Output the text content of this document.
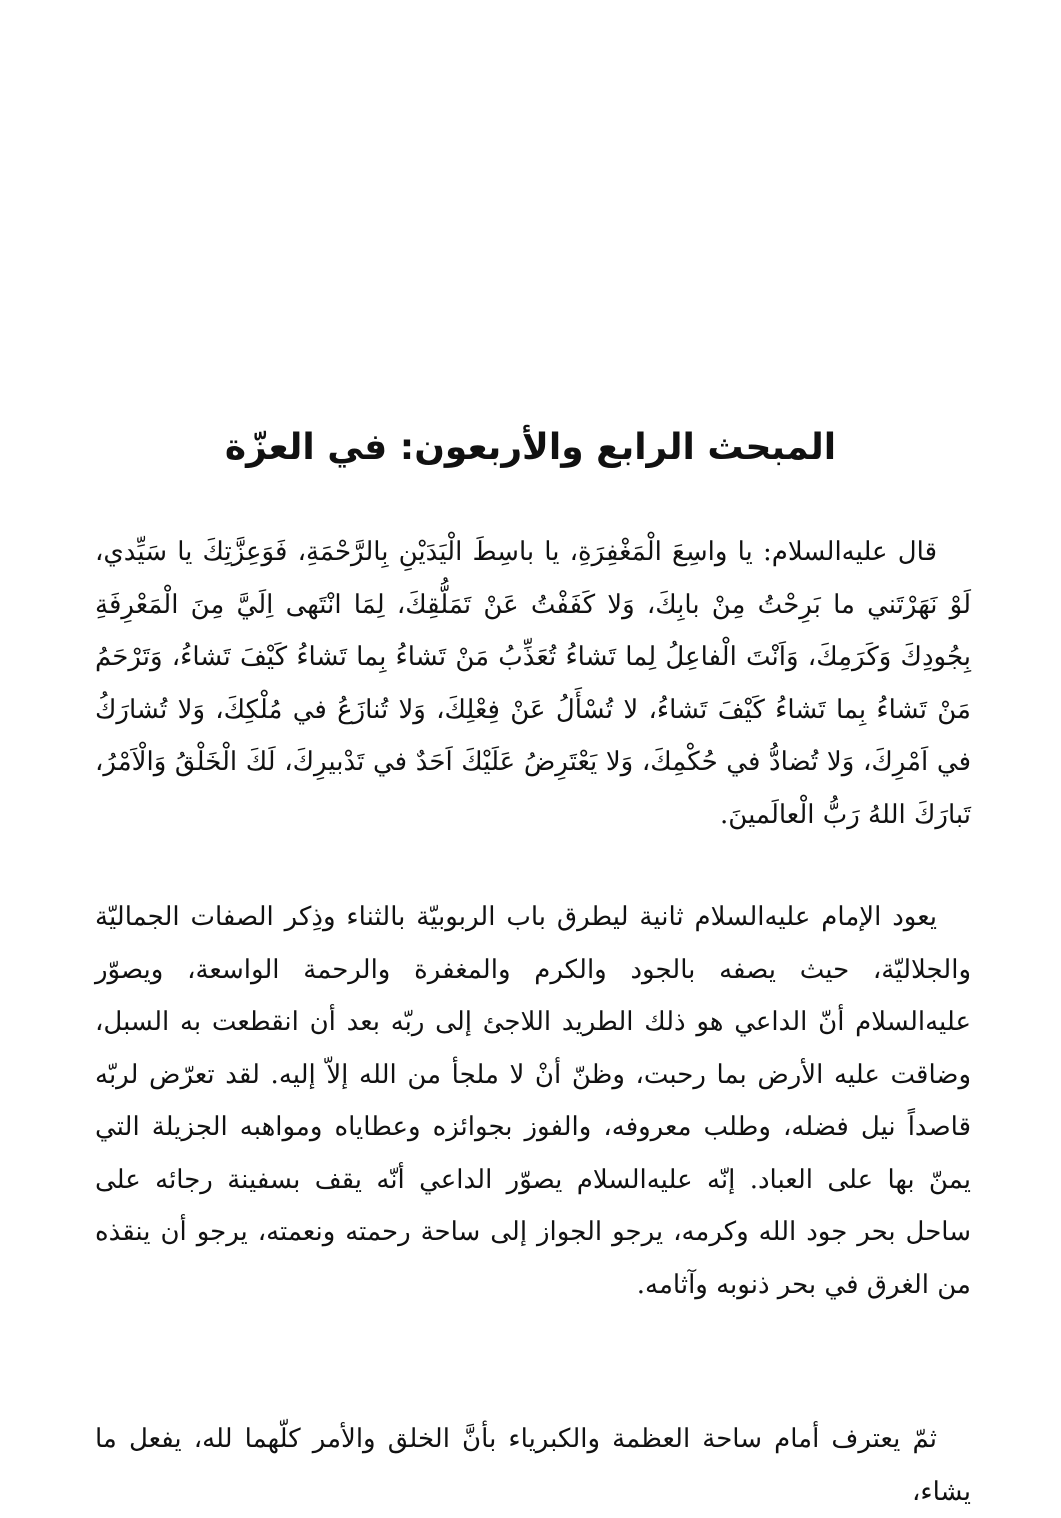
المبحث الرابع والأربعون: في العزّة

قال عليه‌السلام: يا واسِعَ الْمَغْفِرَةِ، يا باسِطَ الْيَدَيْنِ بِالرَّحْمَةِ، فَوَعِزَّتِكَ يا سَيِّدي، لَوْ نَهَرْتَني ما بَرِحْتُ مِنْ بابِكَ، وَلا كَفَفْتُ عَنْ تَمَلُّقِكَ، لِمَا انْتَهى اِلَيَّ مِنَ الْمَعْرِفَةِ بِجُودِكَ وَكَرَمِكَ، وَاَنْتَ الْفاعِلُ لِما تَشاءُ تُعَذِّبُ مَنْ تَشاءُ بِما تَشاءُ كَيْفَ تَشاءُ، وَتَرْحَمُ مَنْ تَشاءُ بِما تَشاءُ كَيْفَ تَشاءُ، لا تُسْأَلُ عَنْ فِعْلِكَ، وَلا تُنازَعُ في مُلْكِكَ، وَلا تُشارَكُ في اَمْرِكَ، وَلا تُضادُّ في حُكْمِكَ، وَلا يَعْتَرِضُ عَلَيْكَ اَحَدٌ في تَدْبيرِكَ، لَكَ الْخَلْقُ وَالْاَمْرُ، تَبارَكَ اللهُ رَبُّ الْعالَمينَ.

يعود الإمام عليه‌السلام ثانية ليطرق باب الربوبيّة بالثناء وذِكر الصفات الجماليّة والجلاليّة، حيث يصفه بالجود والكرم والمغفرة والرحمة الواسعة، ويصوّر عليه‌السلام أنّ الداعي هو ذلك الطريد اللاجئ إلى ربّه بعد أن انقطعت به السبل، وضاقت عليه الأرض بما رحبت، وظنّ أنْ لا ملجأ من الله إلاّ إليه. لقد تعرّض لربّه قاصداً نيل فضله، وطلب معروفه، والفوز بجوائزه وعطاياه ومواهبه الجزيلة التي يمنّ بها على العباد. إنّه عليه‌السلام يصوّر الداعي أنّه يقف بسفينة رجائه على ساحل بحر جود الله وكرمه، يرجو الجواز إلى ساحة رحمته ونعمته، يرجو أن ينقذه من الغرق في بحر ذنوبه وآثامه.

ثمّ يعترف أمام ساحة العظمة والكبرياء بأنَّ الخلق والأمر كلّهما لله، يفعل ما يشاء،
